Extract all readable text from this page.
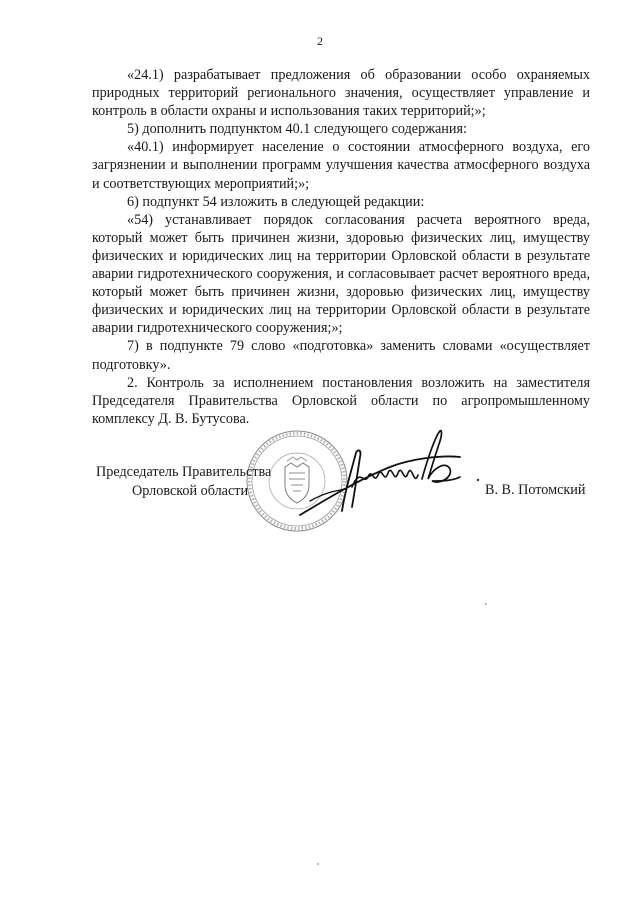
2

«24.1) разрабатывает предложения об образовании особо охраняемых природных территорий регионального значения, осуществляет управление и контроль в области охраны и использования таких территорий;»;

5) дополнить подпунктом 40.1 следующего содержания:

«40.1) информирует население о состоянии атмосферного воздуха, его загрязнении и выполнении программ улучшения качества атмосферного воздуха и соответствующих мероприятий;»;

6) подпункт 54 изложить в следующей редакции:

«54) устанавливает порядок согласования расчета вероятного вреда, который может быть причинен жизни, здоровью физических лиц, имуществу физических и юридических лиц на территории Орловской области в результате аварии гидротехнического сооружения, и согласовывает расчет вероятного вреда, который может быть причинен жизни, здоровью физических лиц, имуществу физических и юридических лиц на территории Орловской области в результате аварии гидротехнического сооружения;»;

7) в подпункте 79 слово «подготовка» заменить словами «осуществляет подготовку».

2. Контроль за исполнением постановления возложить на заместителя Председателя Правительства Орловской области по агропромышленному комплексу Д. В. Бутусова.

Председатель Правительства
Орловской области	В. В. Потомский
